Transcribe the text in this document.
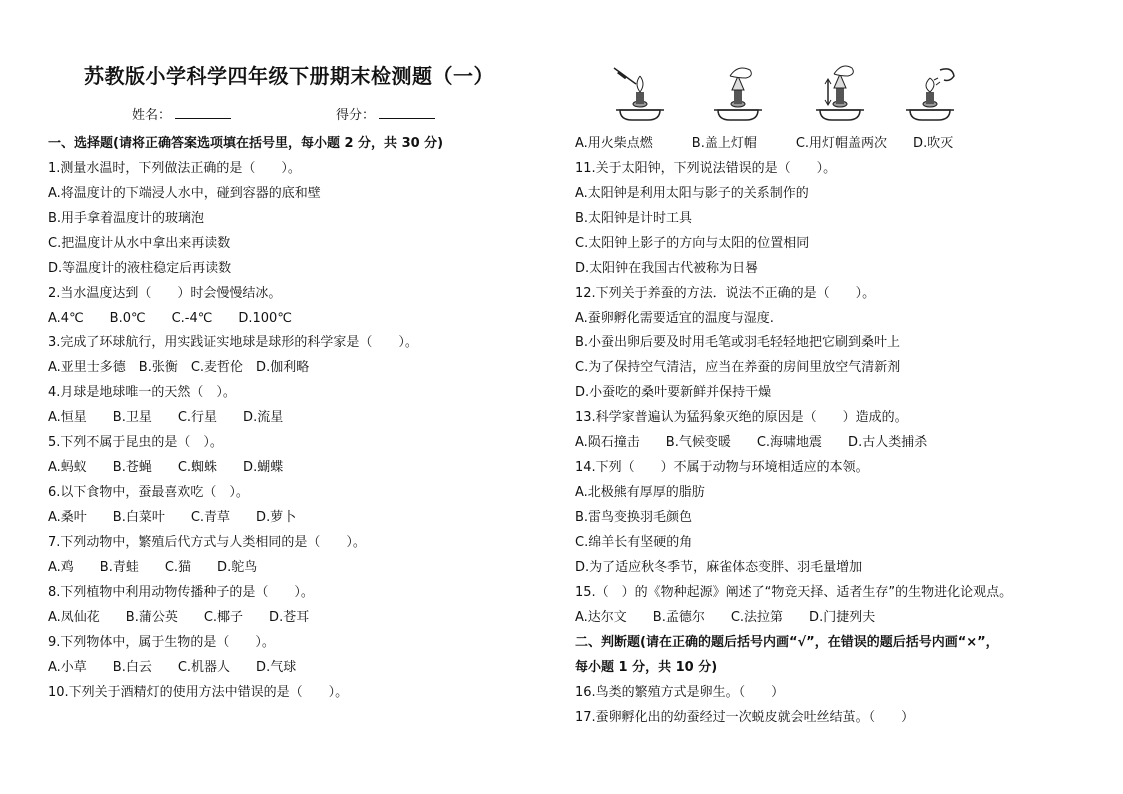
苏教版小学科学四年级下册期末检测题（一）
姓名：	得分：
一、选择题(请将正确答案选项填在括号里，每小题 2 分，共 30 分)
1.测量水温时，下列做法正确的是（　　）。
A.将温度计的下端浸人水中，碰到容器的底和壁
B.用手拿着温度计的玻璃泡
C.把温度计从水中拿出来再读数
D.等温度计的液柱稳定后再读数
2.当水温度达到（　　）时会慢慢结冰。
A.4℃　　B.0℃　　C.-4℃　　D.100℃
3.完成了环球航行，用实践证实地球是球形的科学家是（　　）。
A.亚里士多德　B.张衡　C.麦哲伦　D.伽利略
4.月球是地球唯一的天然（　）。
A.恒星　　B.卫星　　C.行星　　D.流星
5.下列不属于昆虫的是（　）。
A.蚂蚁　　B.苍蝇　　C.蜘蛛　　D.蝴蝶
6.以下食物中，蚕最喜欢吃（　）。
A.桑叶　　B.白菜叶　　C.青草　　D.萝卜
7.下列动物中，繁殖后代方式与人类相同的是（　　）。
A.鸡　　B.青蛙　　C.猫　　D.鸵鸟
8.下列植物中利用动物传播种子的是（　　）。
A.凤仙花　　B.蒲公英　　C.椰子　　D.苍耳
9.下列物体中，属于生物的是（　　）。
A.小草　　B.白云　　C.机器人　　D.气球
10.下列关于酒精灯的使用方法中错误的是（　　）。
A.用火柴点燃　　　B.盖上灯帽　　　C.用灯帽盖两次　　D.吹灭
11.关于太阳钟，下列说法错误的是（　　）。
A.太阳钟是利用太阳与影子的关系制作的
B.太阳钟是计时工具
C.太阳钟上影子的方向与太阳的位置相同
D.太阳钟在我国古代被称为日晷
12.下列关于养蚕的方法．说法不正确的是（　　）。
A.蚕卵孵化需要适宜的温度与湿度.
B.小蚕出卵后要及时用毛笔或羽毛轻轻地把它刷到桑叶上
C.为了保持空气清洁，应当在养蚕的房间里放空气清新剂
D.小蚕吃的桑叶要新鲜并保持干燥
13.科学家普遍认为猛犸象灭绝的原因是（　　）造成的。
A.陨石撞击　　B.气候变暖　　C.海啸地震　　D.古人类捕杀
14.下列（　　）不属于动物与环境相适应的本领。
A.北极熊有厚厚的脂肪
B.雷鸟变换羽毛颜色
C.绵羊长有坚硬的角
D.为了适应秋冬季节，麻雀体态变胖、羽毛量增加
15.（　）的《物种起源》阐述了“物竞天择、适者生存”的生物进化论观点。
A.达尔文　　B.孟德尔　　C.法拉第　　D.门捷列夫
二、判断题(请在正确的题后括号内画“√”，在错误的题后括号内画“×”，
每小题 1 分，共 10 分)
16.鸟类的繁殖方式是卵生。（　　）
17.蚕卵孵化出的幼蚕经过一次蜕皮就会吐丝结茧。（　　）
